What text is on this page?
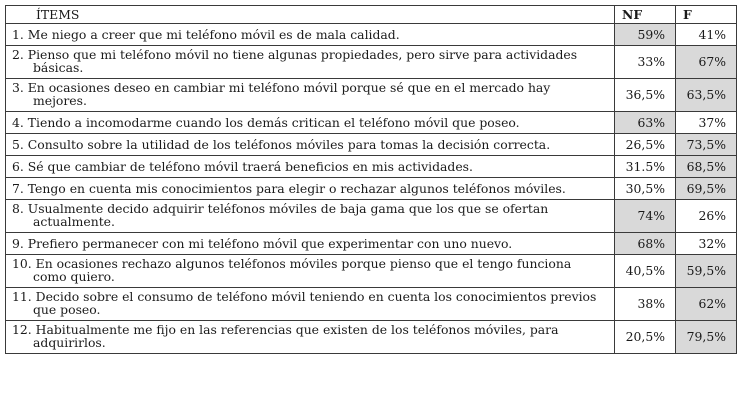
ÍTEMS	NF	F

1. Me niego a creer que mi teléfono móvil es de mala calidad.	59%	41%

2. Pienso que mi teléfono móvil no tiene algunas propiedades, pero sirve para actividades básicas.	33%	67%

3. En ocasiones deseo en cambiar mi teléfono móvil porque sé que en el mercado hay mejores.	36,5%	63,5%

4. Tiendo a incomodarme cuando los demás critican el teléfono móvil que poseo.	63%	37%

5. Consulto sobre la utilidad de los teléfonos móviles para tomas la decisión correcta.	26,5%	73,5%

6. Sé que cambiar de teléfono móvil traerá beneficios en mis actividades.	31.5%	68,5%

7. Tengo en cuenta mis conocimientos para elegir o rechazar algunos teléfonos móviles.	30,5%	69,5%

8. Usualmente decido adquirir teléfonos móviles de baja gama que los que se ofertan actualmente.	74%	26%

9. Prefiero permanecer con mi teléfono móvil que experimentar con uno nuevo.	68%	32%

10. En ocasiones rechazo algunos teléfonos móviles porque pienso que el tengo funciona como quiero.	40,5%	59,5%

11. Decido sobre el consumo de teléfono móvil teniendo en cuenta los conocimientos previos que poseo.	38%	62%

12. Habitualmente me fijo en las referencias que existen de los teléfonos móviles, para adquirirlos.	20,5%	79,5%
